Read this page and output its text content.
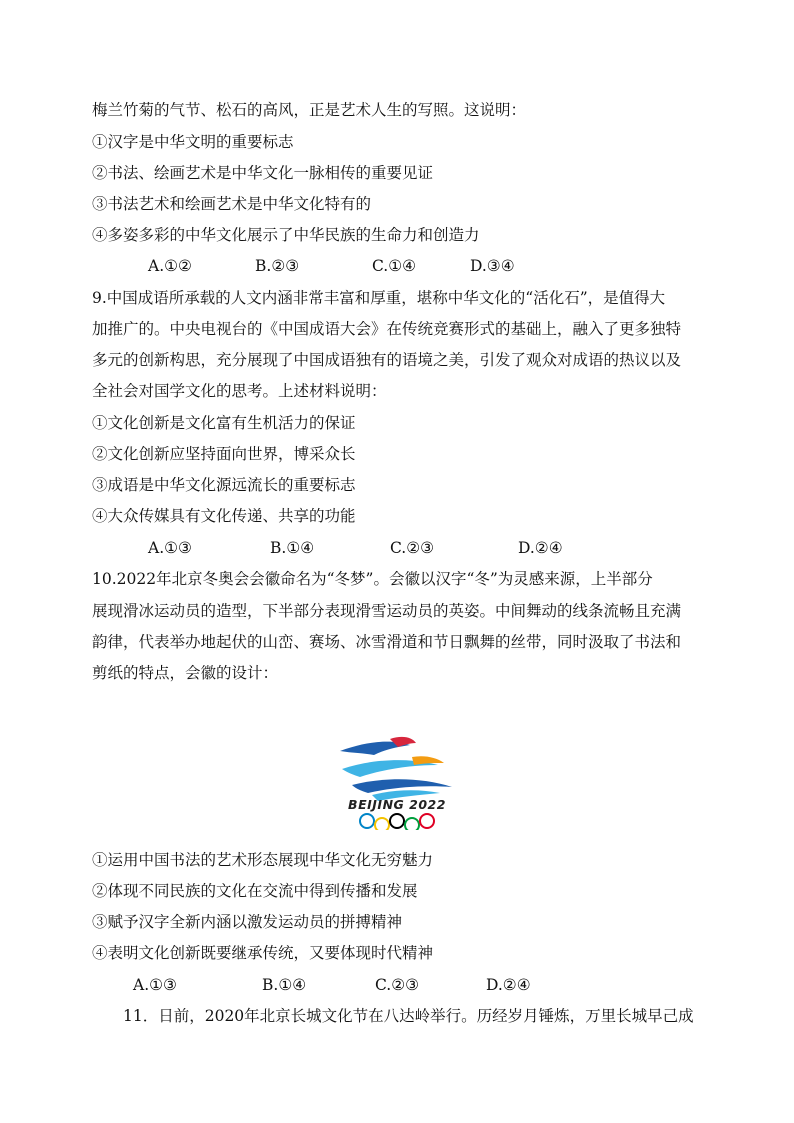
梅兰竹菊的气节、松石的高风，正是艺术人生的写照。这说明：
①汉字是中华文明的重要标志
②书法、绘画艺术是中华文化一脉相传的重要见证
③书法艺术和绘画艺术是中华文化特有的
④多姿多彩的中华文化展示了中华民族的生命力和创造力
A.①②	B.②③	C.①④	D.③④
9.中国成语所承载的人文内涵非常丰富和厚重，堪称中华文化的“活化石”，是值得大
加推广的。中央电视台的《中国成语大会》在传统竞赛形式的基础上，融入了更多独特
多元的创新构思，充分展现了中国成语独有的语境之美，引发了观众对成语的热议以及
全社会对国学文化的思考。上述材料说明：
①文化创新是文化富有生机活力的保证
②文化创新应坚持面向世界，博采众长
③成语是中华文化源远流长的重要标志
④大众传媒具有文化传递、共享的功能
A.①③	B.①④	C.②③	D.②④
10.2022年北京冬奥会会徽命名为“冬梦”。会徽以汉字“冬”为灵感来源，上半部分
展现滑冰运动员的造型，下半部分表现滑雪运动员的英姿。中间舞动的线条流畅且充满
韵律，代表举办地起伏的山峦、赛场、冰雪滑道和节日飘舞的丝带，同时汲取了书法和
剪纸的特点，会徽的设计：
BEIJING 2022
①运用中国书法的艺术形态展现中华文化无穷魅力
②体现不同民族的文化在交流中得到传播和发展
③赋予汉字全新内涵以激发运动员的拼搏精神
④表明文化创新既要继承传统，又要体现时代精神
A.①③	B.①④	C.②③	D.②④
11．日前，2020年北京长城文化节在八达岭举行。历经岁月锤炼，万里长城早己成
